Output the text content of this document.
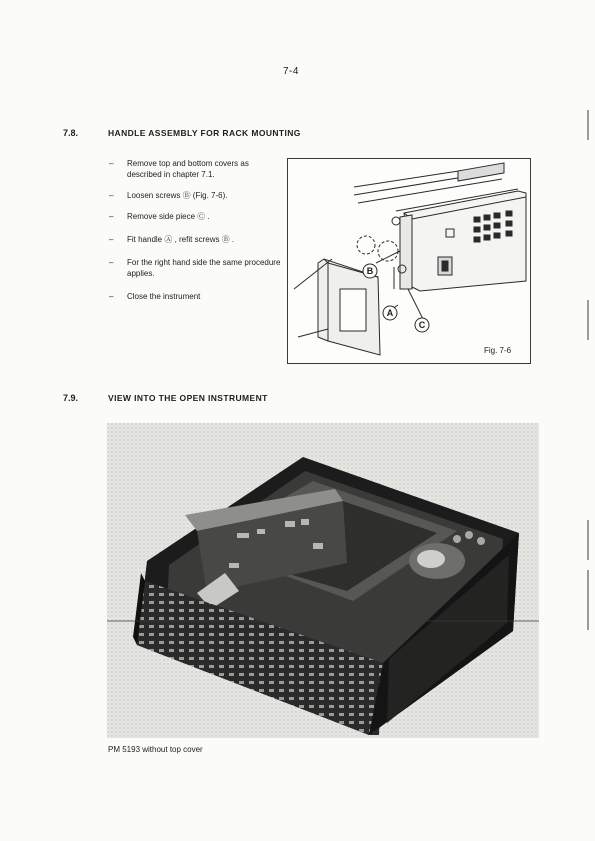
7-4
7.8.	HANDLE ASSEMBLY FOR RACK MOUNTING
– Remove top and bottom covers as described in chapter 7.1.
– Loosen screws Ⓑ (Fig. 7-6).
– Remove side piece Ⓒ .
– Fit handle Ⓐ , refit screws Ⓑ .
– For the right hand side the same procedure applies.
– Close the instrument
B
A
C
Fig. 7-6
7.9.	VIEW INTO THE OPEN INSTRUMENT
PM 5193 without top cover
